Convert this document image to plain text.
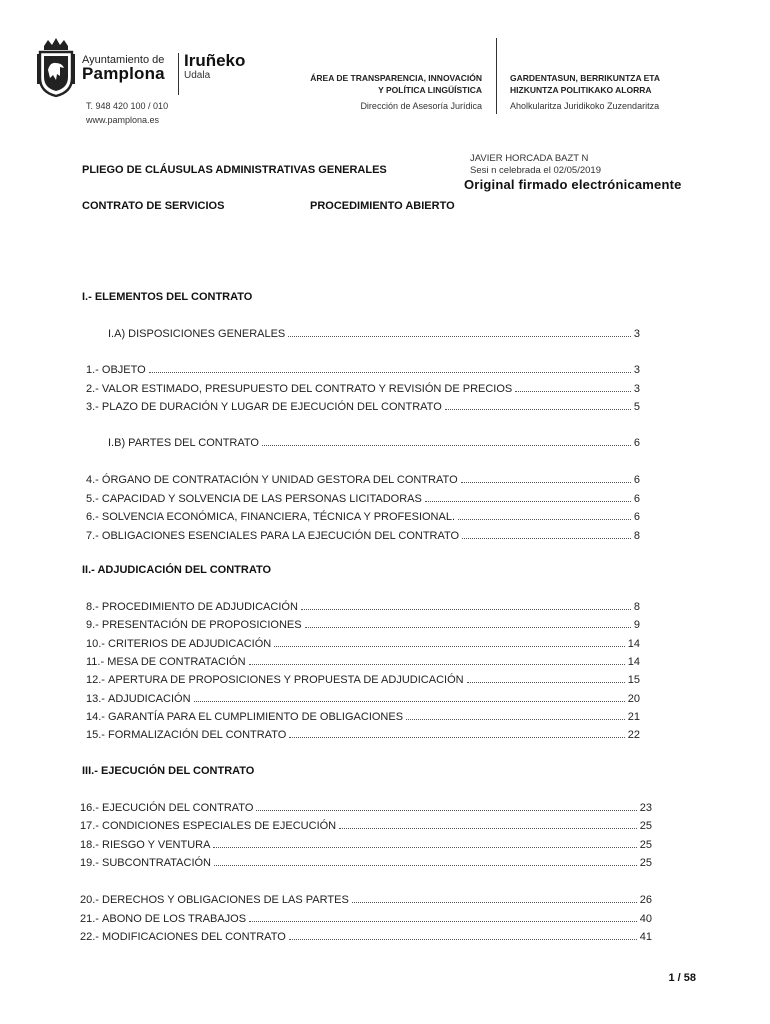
Ayuntamiento de
Pamplona
Iruñeko
Udala
T. 948 420 100 / 010
www.pamplona.es
ÁREA DE TRANSPARENCIA, INNOVACIÓN
Y POLÍTICA LINGÜÍSTICA
Dirección de Asesoría Jurídica
GARDENTASUN, BERRIKUNTZA ETA
HIZKUNTZA POLITIKAKO ALORRA
Aholkularitza Juridikoko Zuzendaritza
JAVIER HORCADA BAZT N
Sesi n celebrada el 02/05/2019
Original firmado electrónicamente
PLIEGO DE CLÁUSULAS ADMINISTRATIVAS GENERALES
CONTRATO DE SERVICIOS	PROCEDIMIENTO ABIERTO
I.- ELEMENTOS DEL CONTRATO
I.A) DISPOSICIONES GENERALES	3
1.- OBJETO	3
2.- VALOR ESTIMADO, PRESUPUESTO DEL CONTRATO Y REVISIÓN DE PRECIOS	3
3.- PLAZO DE DURACIÓN Y LUGAR DE EJECUCIÓN DEL CONTRATO	5
I.B) PARTES DEL CONTRATO	6
4.- ÓRGANO DE CONTRATACIÓN Y UNIDAD GESTORA DEL CONTRATO	6
5.- CAPACIDAD Y SOLVENCIA DE LAS PERSONAS LICITADORAS	6
6.- SOLVENCIA ECONÓMICA, FINANCIERA, TÉCNICA Y PROFESIONAL.	6
7.- OBLIGACIONES ESENCIALES PARA LA EJECUCIÓN DEL CONTRATO	8
II.- ADJUDICACIÓN DEL CONTRATO
8.- PROCEDIMIENTO DE ADJUDICACIÓN	8
9.- PRESENTACIÓN DE PROPOSICIONES	9
10.- CRITERIOS DE ADJUDICACIÓN	14
11.- MESA DE CONTRATACIÓN	14
12.- APERTURA DE PROPOSICIONES Y PROPUESTA DE ADJUDICACIÓN	15
13.- ADJUDICACIÓN	20
14.- GARANTÍA PARA EL CUMPLIMIENTO DE OBLIGACIONES	21
15.- FORMALIZACIÓN DEL CONTRATO	22
III.- EJECUCIÓN DEL CONTRATO
16.- EJECUCIÓN DEL CONTRATO	23
17.- CONDICIONES ESPECIALES DE EJECUCIÓN	25
18.- RIESGO Y VENTURA	25
19.- SUBCONTRATACIÓN	25
20.- DERECHOS Y OBLIGACIONES DE LAS PARTES	26
21.- ABONO DE LOS TRABAJOS	40
22.- MODIFICACIONES DEL CONTRATO	41
1 / 58
